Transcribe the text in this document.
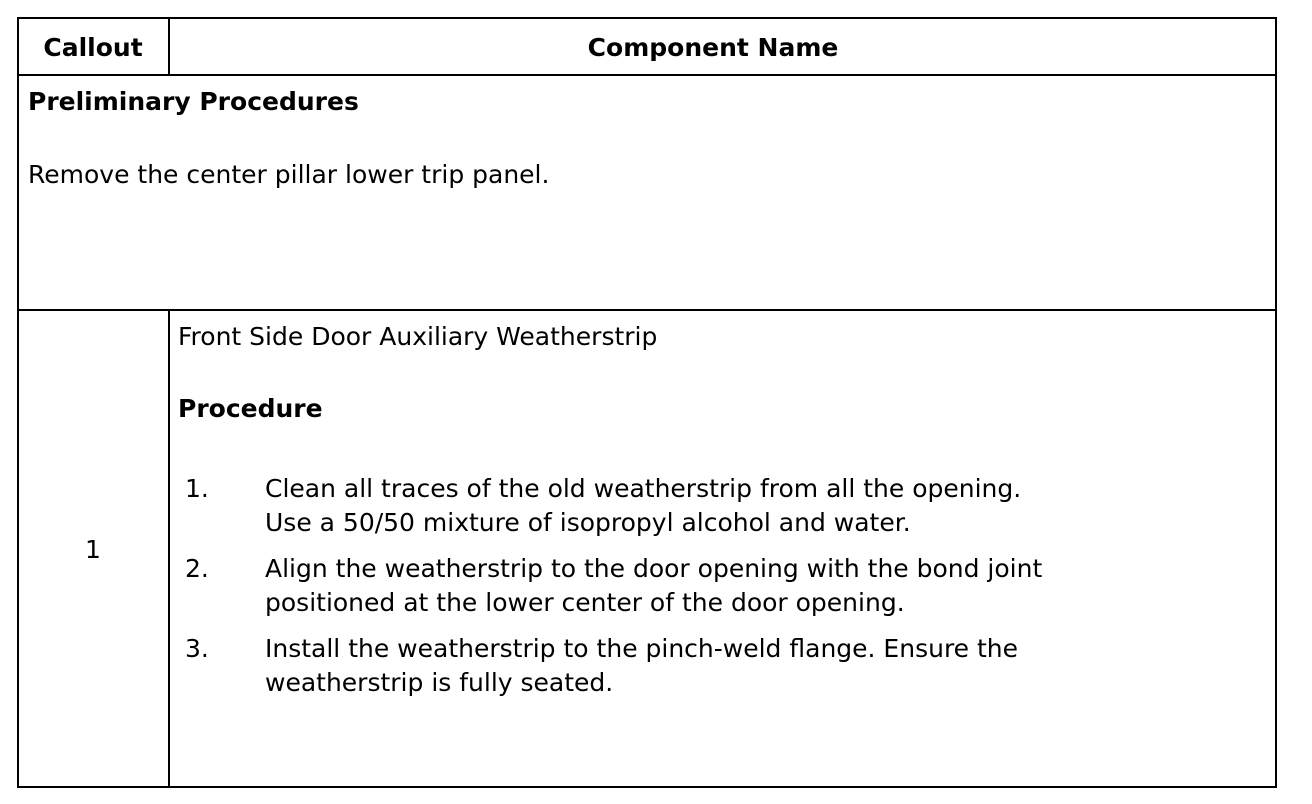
Callout	Component Name
Preliminary Procedures
Remove the center pillar lower trip panel.
1
Front Side Door Auxiliary Weatherstrip
Procedure
1. Clean all traces of the old weatherstrip from all the opening.
Use a 50/50 mixture of isopropyl alcohol and water.
2. Align the weatherstrip to the door opening with the bond joint
positioned at the lower center of the door opening.
3. Install the weatherstrip to the pinch-weld flange. Ensure the
weatherstrip is fully seated.
